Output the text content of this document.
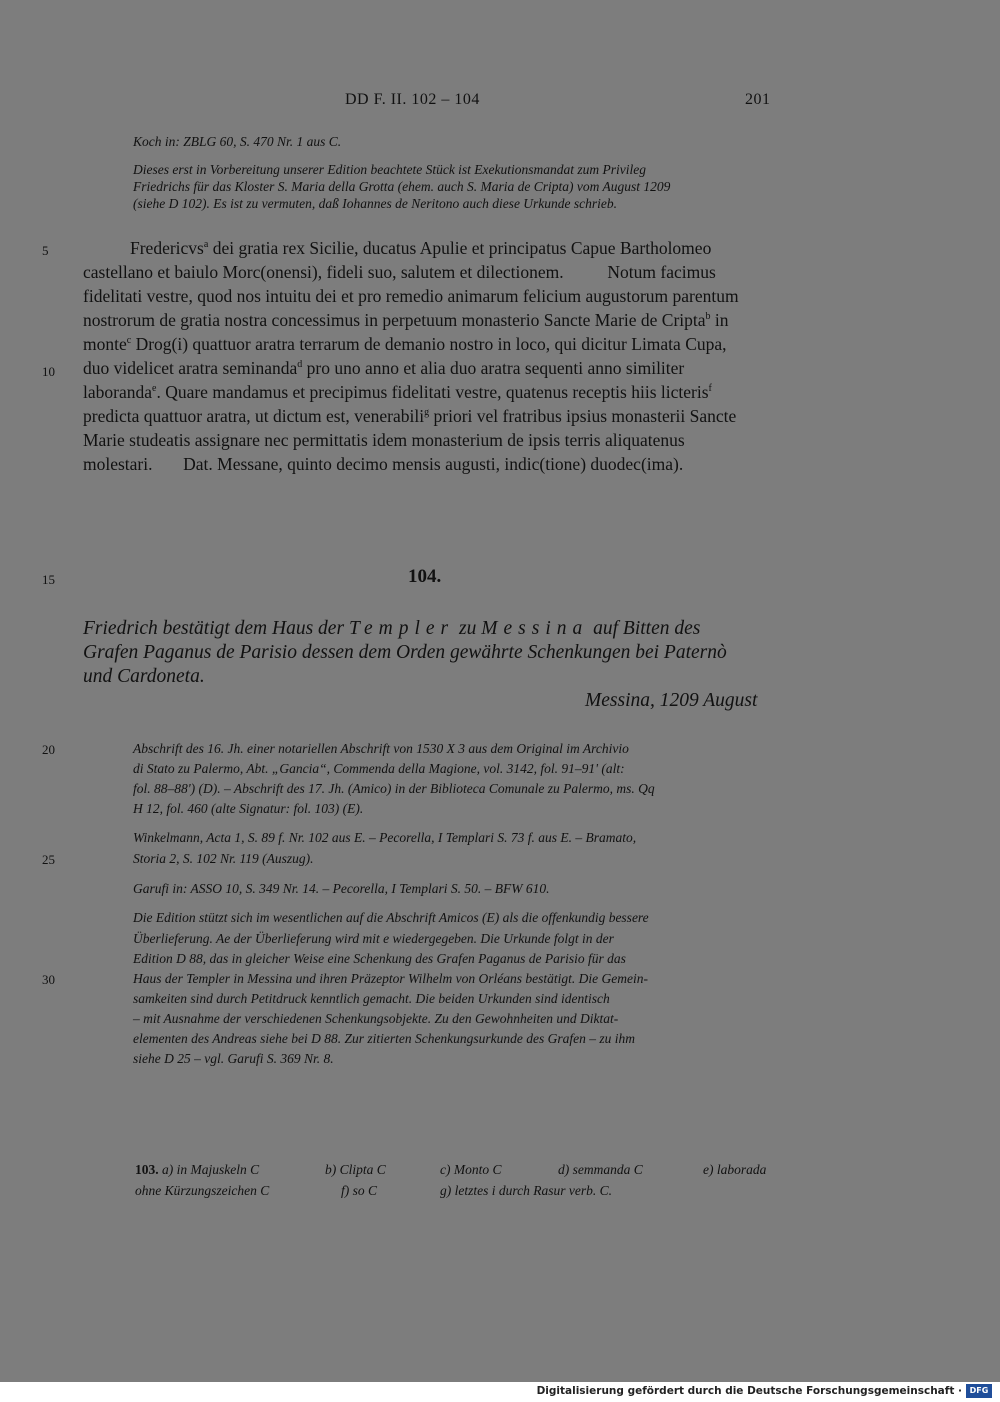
DD F. II. 102 – 104	201
Koch in: ZBLG 60, S. 470 Nr. 1 aus C.
Dieses erst in Vorbereitung unserer Edition beachtete Stück ist Exekutionsmandat zum Privileg
Friedrichs für das Kloster S. Maria della Grotta (ehem. auch S. Maria de Cripta) vom August 1209
(siehe D 102). Es ist zu vermuten, daß Iohannes de Neritono auch diese Urkunde schrieb.
5
10
15
20
25
30
Fredericvs$^a$ dei gratia rex Sicilie, ducatus Apulie et principatus Capue Bartholomeo
castellano et baiulo Morc(onensi), fideli suo, salutem et dilectionem.          Notum facimus
fidelitati vestre, quod nos intuitu dei et pro remedio animarum felicium augustorum parentum
nostrorum de gratia nostra concessimus in perpetuum monasterio Sancte Marie de Cripta$^b$ in
monte$^c$ Drog(i) quattuor aratra terrarum de demanio nostro in loco, qui dicitur Limata Cupa,
duo videlicet aratra seminanda$^d$ pro uno anno et alia duo aratra sequenti anno similiter
laboranda$^e$. Quare mandamus et precipimus fidelitati vestre, quatenus receptis hiis licteris$^f$
predicta quattuor aratra, ut dictum est, venerabili$^g$ priori vel fratribus ipsius monasterii Sancte
Marie studeatis assignare nec permittatis idem monasterium de ipsis terris aliquatenus
molestari.       Dat. Messane, quinto decimo mensis augusti, indic(tione) duodec(ima).
104.
Friedrich bestätigt dem Haus der Templer zu Messina auf Bitten des
Grafen Paganus de Parisio dessen dem Orden gewährte Schenkungen bei Paternò
und Cardoneta.
Messina, 1209 August
Abschrift des 16. Jh. einer notariellen Abschrift von 1530 X 3 aus dem Original im Archivio
di Stato zu Palermo, Abt. „Gancia“, Commenda della Magione, vol. 3142, fol. 91–91' (alt:
fol. 88–88') (D). – Abschrift des 17. Jh. (Amico) in der Biblioteca Comunale zu Palermo, ms. Qq
H 12, fol. 460 (alte Signatur: fol. 103) (E).
Winkelmann, Acta 1, S. 89 f. Nr. 102 aus E. – Pecorella, I Templari S. 73 f. aus E. – Bramato,
Storia 2, S. 102 Nr. 119 (Auszug).
Garufi in: ASSO 10, S. 349 Nr. 14. – Pecorella, I Templari S. 50. – BFW 610.
Die Edition stützt sich im wesentlichen auf die Abschrift Amicos (E) als die offenkundig bessere
Überlieferung. Ae der Überlieferung wird mit e wiedergegeben. Die Urkunde folgt in der
Edition D 88, das in gleicher Weise eine Schenkung des Grafen Paganus de Parisio für das
Haus der Templer in Messina und ihren Präzeptor Wilhelm von Orléans bestätigt. Die Gemein-
samkeiten sind durch Petitdruck kenntlich gemacht. Die beiden Urkunden sind identisch
– mit Ausnahme der verschiedenen Schenkungsobjekte. Zu den Gewohnheiten und Diktat-
elementen des Andreas siehe bei D 88. Zur zitierten Schenkungsurkunde des Grafen – zu ihm
siehe D 25 – vgl. Garufi S. 369 Nr. 8.
103. a) in Majuskeln C	b) Clipta C	c) Monto C	d) semmanda C	e) laborada
ohne Kürzungszeichen C	f) so C	g) letztes i durch Rasur verb. C.
Digitalisierung gefördert durch die Deutsche Forschungsgemeinschaft · DFG
